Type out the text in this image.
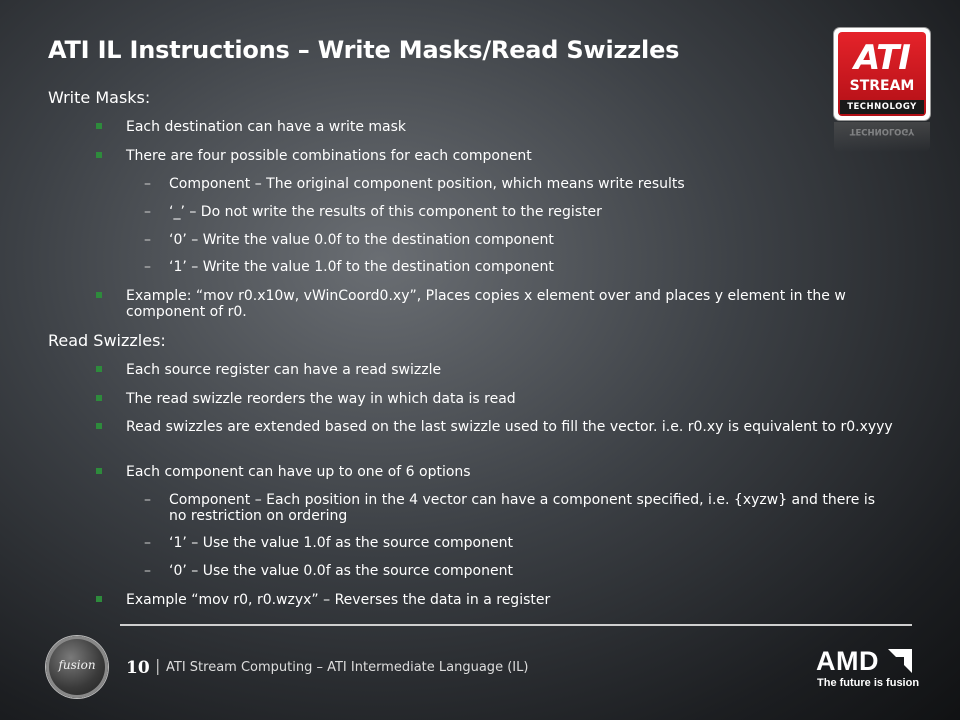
ATI IL Instructions – Write Masks/Read Swizzles	ATI
STREAM
TECHNOLOGY
TECHNOLOGY
Write Masks:
Each destination can have a write mask
There are four possible combinations for each component
– Component – The original component position, which means write results
– ‘_’ – Do not write the results of this component to the register
– ‘0’ – Write the value 0.0f to the destination component
– ‘1’ – Write the value 1.0f to the destination component
Example: “mov r0.x10w, vWinCoord0.xy”, Places copies x element over and places y element in the w component of r0.
Read Swizzles:
Each source register can have a read swizzle
The read swizzle reorders the way in which data is read
Read swizzles are extended based on the last swizzle used to fill the vector. i.e. r0.xy is equivalent to r0.xyyy
Each component can have up to one of 6 options
– Component – Each position in the 4 vector can have a component specified, i.e. {xyzw} and there is no restriction on ordering
– ‘1’ – Use the value 1.0f as the source component
– ‘0’ – Use the value 0.0f as the source component
Example “mov r0, r0.wzyx” – Reverses the data in a register
fusion	10 | ATI Stream Computing – ATI Intermediate Language (IL)	AMD
The future is fusion
